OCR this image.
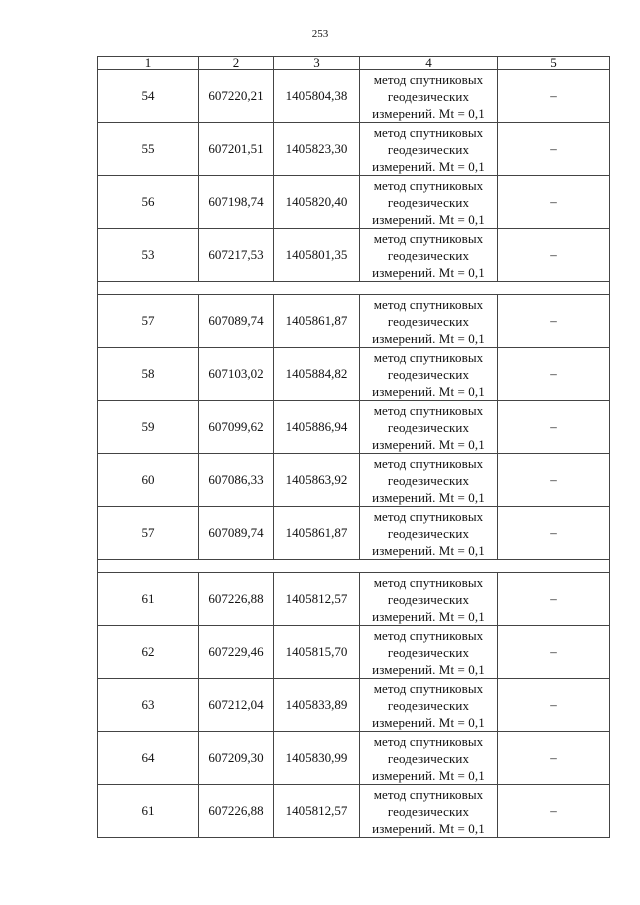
253
1	2	3	4	5
54	607220,21	1405804,38	метод спутниковых
геодезических
измерений. Mt = 0,1	–
55	607201,51	1405823,30	метод спутниковых
геодезических
измерений. Mt = 0,1	–
56	607198,74	1405820,40	метод спутниковых
геодезических
измерений. Mt = 0,1	–
53	607217,53	1405801,35	метод спутниковых
геодезических
измерений. Mt = 0,1	–

57	607089,74	1405861,87	метод спутниковых
геодезических
измерений. Mt = 0,1	–
58	607103,02	1405884,82	метод спутниковых
геодезических
измерений. Mt = 0,1	–
59	607099,62	1405886,94	метод спутниковых
геодезических
измерений. Mt = 0,1	–
60	607086,33	1405863,92	метод спутниковых
геодезических
измерений. Mt = 0,1	–
57	607089,74	1405861,87	метод спутниковых
геодезических
измерений. Mt = 0,1	–

61	607226,88	1405812,57	метод спутниковых
геодезических
измерений. Mt = 0,1	–
62	607229,46	1405815,70	метод спутниковых
геодезических
измерений. Mt = 0,1	–
63	607212,04	1405833,89	метод спутниковых
геодезических
измерений. Mt = 0,1	–
64	607209,30	1405830,99	метод спутниковых
геодезических
измерений. Mt = 0,1	–
61	607226,88	1405812,57	метод спутниковых
геодезических
измерений. Mt = 0,1	–
